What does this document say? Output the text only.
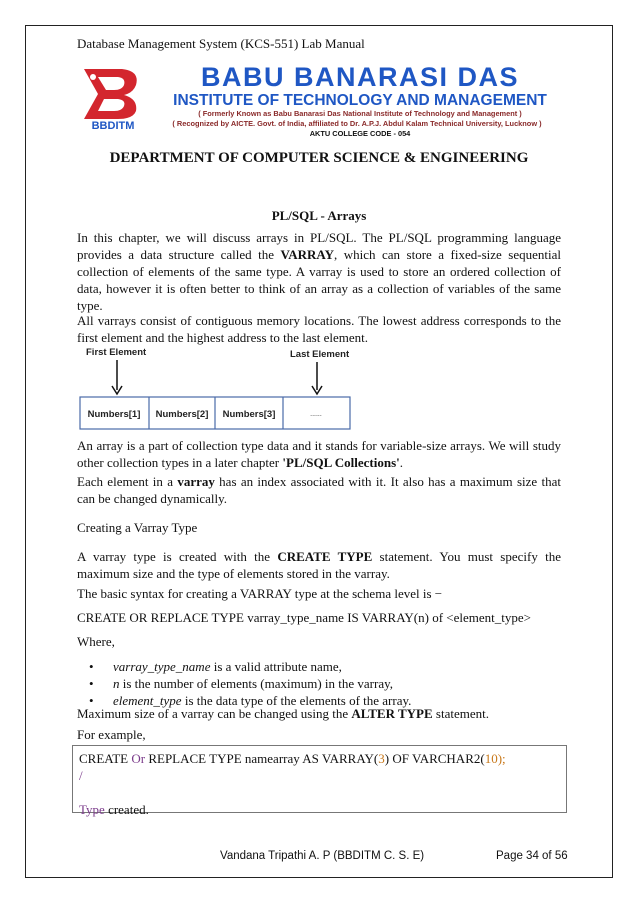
Database Management System (KCS-551) Lab Manual
BBDITM
BABU BANARASI DAS
INSTITUTE OF TECHNOLOGY AND MANAGEMENT
( Formerly Known as Babu Banarasi Das National Institute of Technology and Management )
( Recognized by AICTE. Govt. of India, affiliated to Dr. A.P.J. Abdul Kalam Technical University, Lucknow )
AKTU COLLEGE CODE - 054
DEPARTMENT OF COMPUTER SCIENCE & ENGINEERING
PL/SQL - Arrays
In this chapter, we will discuss arrays in PL/SQL. The PL/SQL programming language provides a data structure called the VARRAY, which can store a fixed-size sequential collection of elements of the same type. A varray is used to store an ordered collection of data, however it is often better to think of an array as a collection of variables of the same type.
All varrays consist of contiguous memory locations. The lowest address corresponds to the first element and the highest address to the last element.
First Element	Last Element
Numbers[1] Numbers[2] Numbers[3]	......
An array is a part of collection type data and it stands for variable-size arrays. We will study other collection types in a later chapter 'PL/SQL Collections'.
Each element in a varray has an index associated with it. It also has a maximum size that can be changed dynamically.
Creating a Varray Type
A varray type is created with the CREATE TYPE statement. You must specify the maximum size and the type of elements stored in the varray.
The basic syntax for creating a VARRAY type at the schema level is −
CREATE OR REPLACE TYPE varray_type_name IS VARRAY(n) of <element_type>
Where,
• varray_type_name is a valid attribute name,
• n is the number of elements (maximum) in the varray,
• element_type is the data type of the elements of the array.
Maximum size of a varray can be changed using the ALTER TYPE statement.
For example,
CREATE Or REPLACE TYPE namearray AS VARRAY(3) OF VARCHAR2(10);
/
Type created.
Vandana Tripathi A. P (BBDITM C. S. E)	Page 34 of 56
